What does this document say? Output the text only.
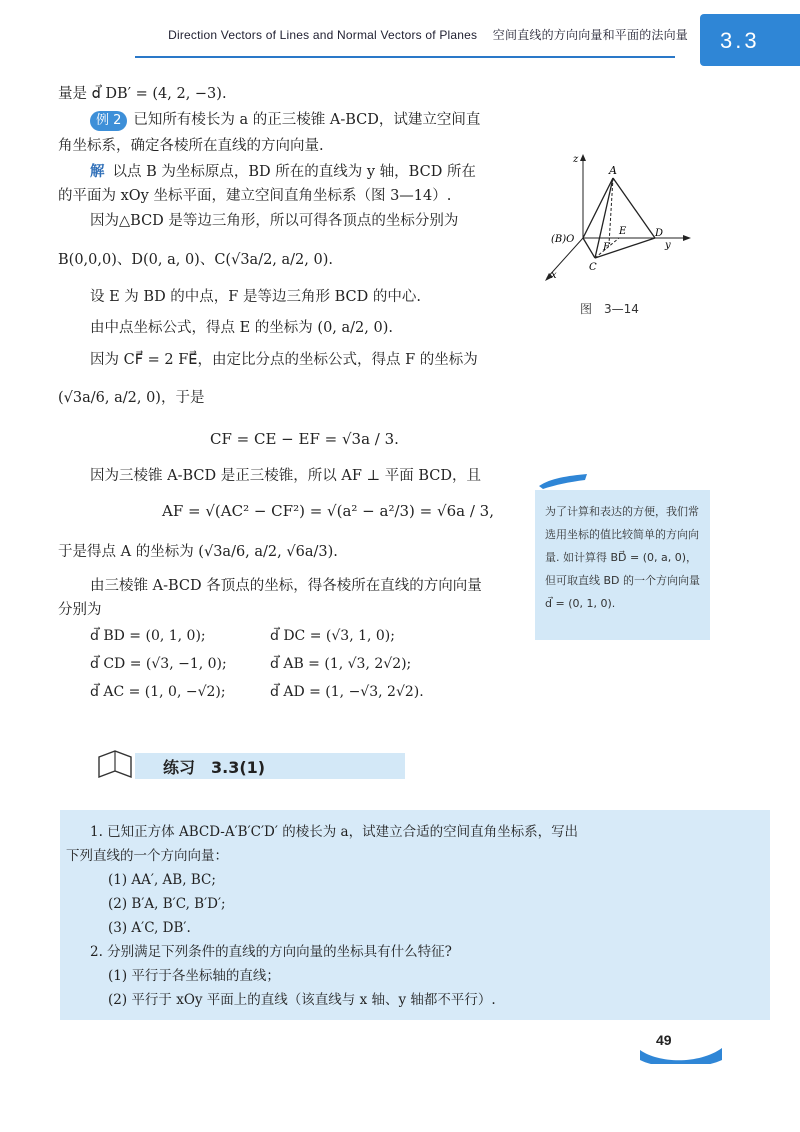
Direction Vectors of Lines and Normal Vectors of Planes 空间直线的方向向量和平面的法向量 3.3
量是 d⃗ DB′ = (4, 2, −3).
例 2 已知所有棱长为 a 的正三棱锥 A-BCD，试建立空间直
角坐标系，确定各棱所在直线的方向向量.
解 以点 B 为坐标原点，BD 所在的直线为 y 轴，BCD 所在
的平面为 xOy 坐标平面，建立空间直角坐标系（图 3—14）.
因为△BCD 是等边三角形，所以可得各顶点的坐标分别为
B(0,0,0)、D(0, a, 0)、C(√3a/2, a/2, 0).
设 E 为 BD 的中点，F 是等边三角形 BCD 的中心.
由中点坐标公式，得点 E 的坐标为 (0, a/2, 0).
因为 CF⃗ = 2 FE⃗，由定比分点的坐标公式，得点 F 的坐标为
(√3a/6, a/2, 0)，于是
CF = CE − EF = √3a / 3.
因为三棱锥 A-BCD 是正三棱锥，所以 AF ⊥ 平面 BCD，且
AF = √(AC² − CF²) = √(a² − a²/3) = √6a / 3,
于是得点 A 的坐标为 (√3a/6, a/2, √6a/3).
由三棱锥 A-BCD 各顶点的坐标，得各棱所在直线的方向向量
分别为
d⃗ BD = (0, 1, 0);	d⃗ DC = (√3, 1, 0);
d⃗ CD = (√3, −1, 0);	d⃗ AB = (1, √3, 2√2);
d⃗ AC = (1, 0, −√2);	d⃗ AD = (1, −√3, 2√2).
z
A
(B)O
E
F
D
y
C
x
图　3—14
为了计算和表达的方便，我们常选用坐标的值比较简单的方向向量. 如计算得 BD⃗ = (0, a, 0)，但可取直线 BD 的一个方向向量 d⃗ = (0, 1, 0).
练习　3.3(1)
1. 已知正方体 ABCD-A′B′C′D′ 的棱长为 a，试建立合适的空间直角坐标系，写出
下列直线的一个方向向量：
(1) AA′, AB, BC;
(2) B′A, B′C, B′D′;
(3) A′C, DB′.
2. 分别满足下列条件的直线的方向向量的坐标具有什么特征?
(1) 平行于各坐标轴的直线；
(2) 平行于 xOy 平面上的直线（该直线与 x 轴、y 轴都不平行）.
49
